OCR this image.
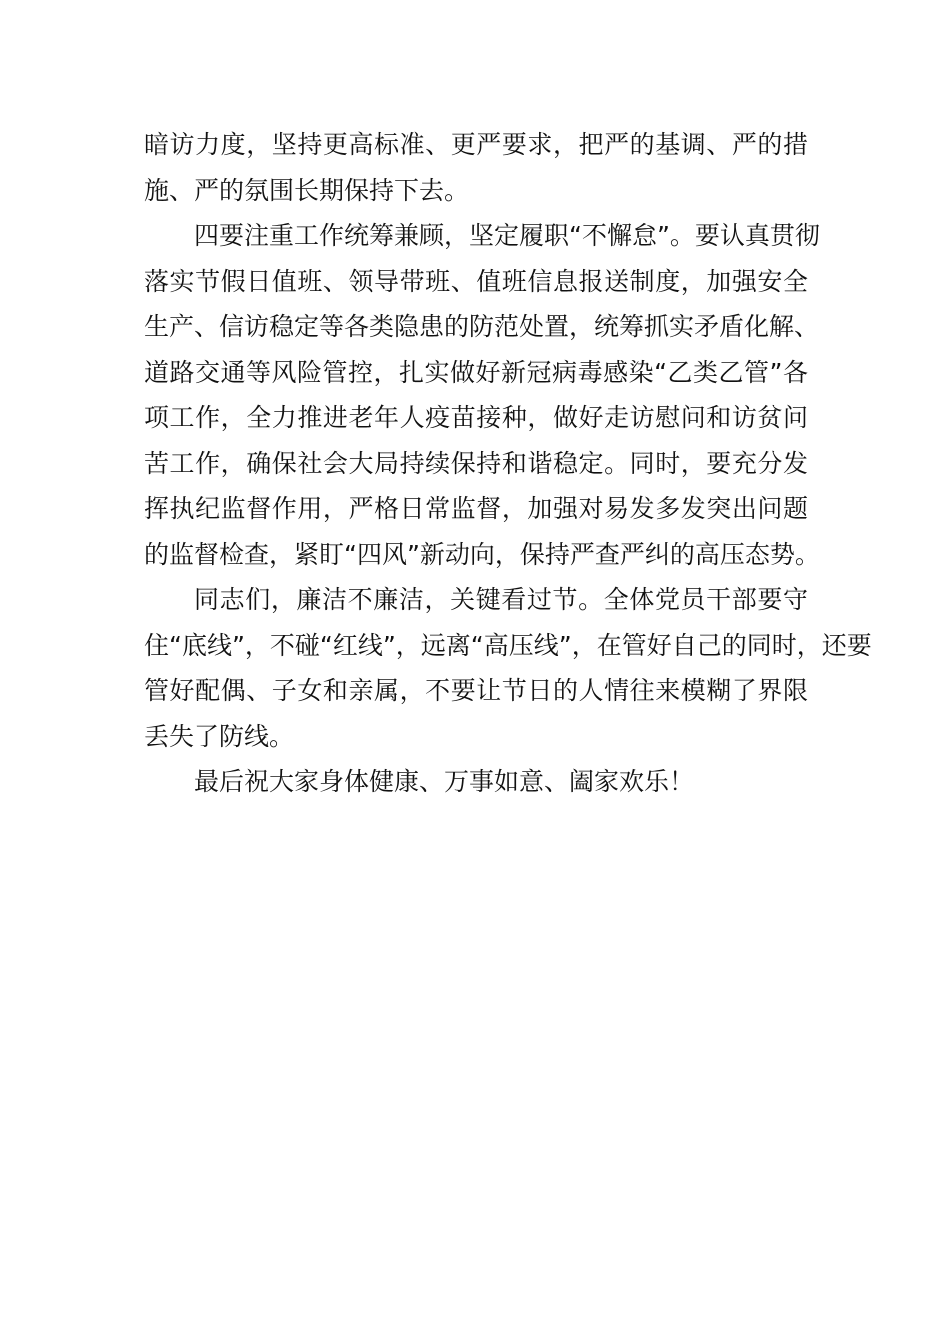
暗访力度，坚持更高标准、更严要求，把严的基调、严的措
施、严的氛围长期保持下去。
四要注重工作统筹兼顾，坚定履职“不懈怠”。要认真贯彻
落实节假日值班、领导带班、值班信息报送制度，加强安全
生产、信访稳定等各类隐患的防范处置，统筹抓实矛盾化解、
道路交通等风险管控，扎实做好新冠病毒感染“乙类乙管”各
项工作，全力推进老年人疫苗接种，做好走访慰问和访贫问
苦工作，确保社会大局持续保持和谐稳定。同时，要充分发
挥执纪监督作用，严格日常监督，加强对易发多发突出问题
的监督检查，紧盯“四风”新动向，保持严查严纠的高压态势。
同志们，廉洁不廉洁，关键看过节。全体党员干部要守
住“底线”，不碰“红线”，远离“高压线”，在管好自己的同时，还要
管好配偶、子女和亲属，不要让节日的人情往来模糊了界限
丢失了防线。
最后祝大家身体健康、万事如意、阖家欢乐！
